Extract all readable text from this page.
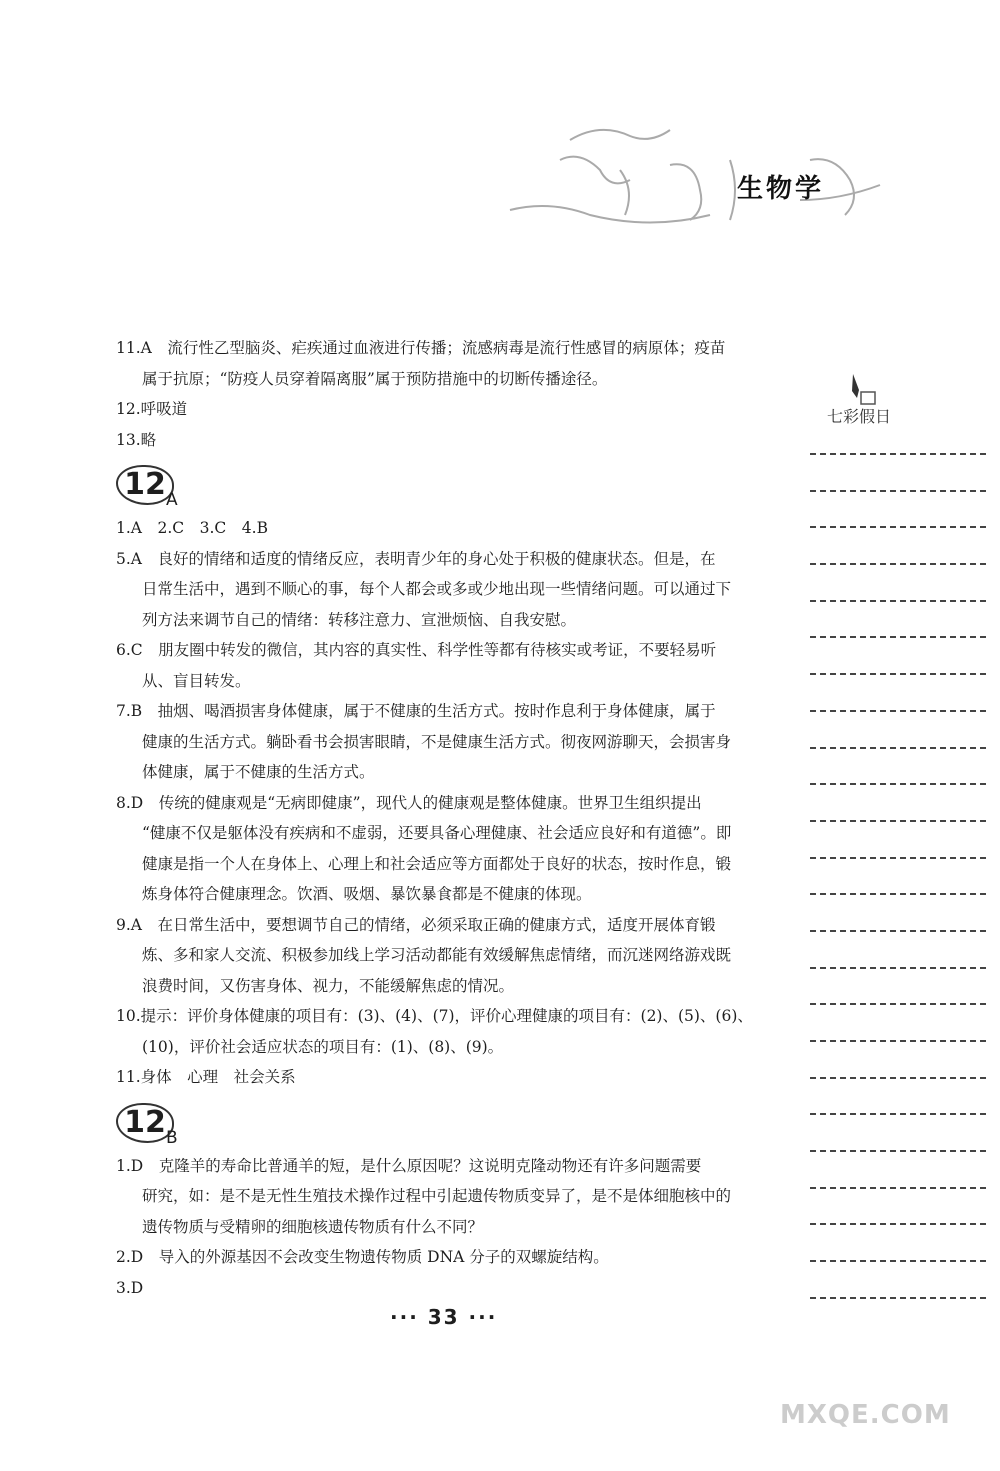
生物学
七彩假日

11.A　流行性乙型脑炎、疟疾通过血液进行传播；流感病毒是流行性感冒的病原体；疫苗
属于抗原；“防疫人员穿着隔离服”属于预防措施中的切断传播途径。

12.呼吸道

13.略

12 A

1.A　2.C　3.C　4.B

5.A　良好的情绪和适度的情绪反应，表明青少年的身心处于积极的健康状态。但是，在

日常生活中，遇到不顺心的事，每个人都会或多或少地出现一些情绪问题。可以通过下

列方法来调节自己的情绪：转移注意力、宣泄烦恼、自我安慰。

6.C　朋友圈中转发的微信，其内容的真实性、科学性等都有待核实或考证，不要轻易听

从、盲目转发。

7.B　抽烟、喝酒损害身体健康，属于不健康的生活方式。按时作息利于身体健康，属于

健康的生活方式。躺卧看书会损害眼睛，不是健康生活方式。彻夜网游聊天，会损害身

体健康，属于不健康的生活方式。

8.D　传统的健康观是“无病即健康”，现代人的健康观是整体健康。世界卫生组织提出

“健康不仅是躯体没有疾病和不虚弱，还要具备心理健康、社会适应良好和有道德”。即

健康是指一个人在身体上、心理上和社会适应等方面都处于良好的状态，按时作息，锻

炼身体符合健康理念。饮酒、吸烟、暴饮暴食都是不健康的体现。

9.A　在日常生活中，要想调节自己的情绪，必须采取正确的健康方式，适度开展体育锻

炼、多和家人交流、积极参加线上学习活动都能有效缓解焦虑情绪，而沉迷网络游戏既

浪费时间，又伤害身体、视力，不能缓解焦虑的情况。

10.提示：评价身体健康的项目有：(3)、(4)、(7)，评价心理健康的项目有：(2)、(5)、(6)、

(10)，评价社会适应状态的项目有：(1)、(8)、(9)。

11.身体　心理　社会关系

12 B

1.D　克隆羊的寿命比普通羊的短，是什么原因呢？这说明克隆动物还有许多问题需要

研究，如：是不是无性生殖技术操作过程中引起遗传物质变异了，是不是体细胞核中的

遗传物质与受精卵的细胞核遗传物质有什么不同？

2.D　导入的外源基因不会改变生物遗传物质 DNA 分子的双螺旋结构。

3.D

··· 33 ···
MXQE.COM
